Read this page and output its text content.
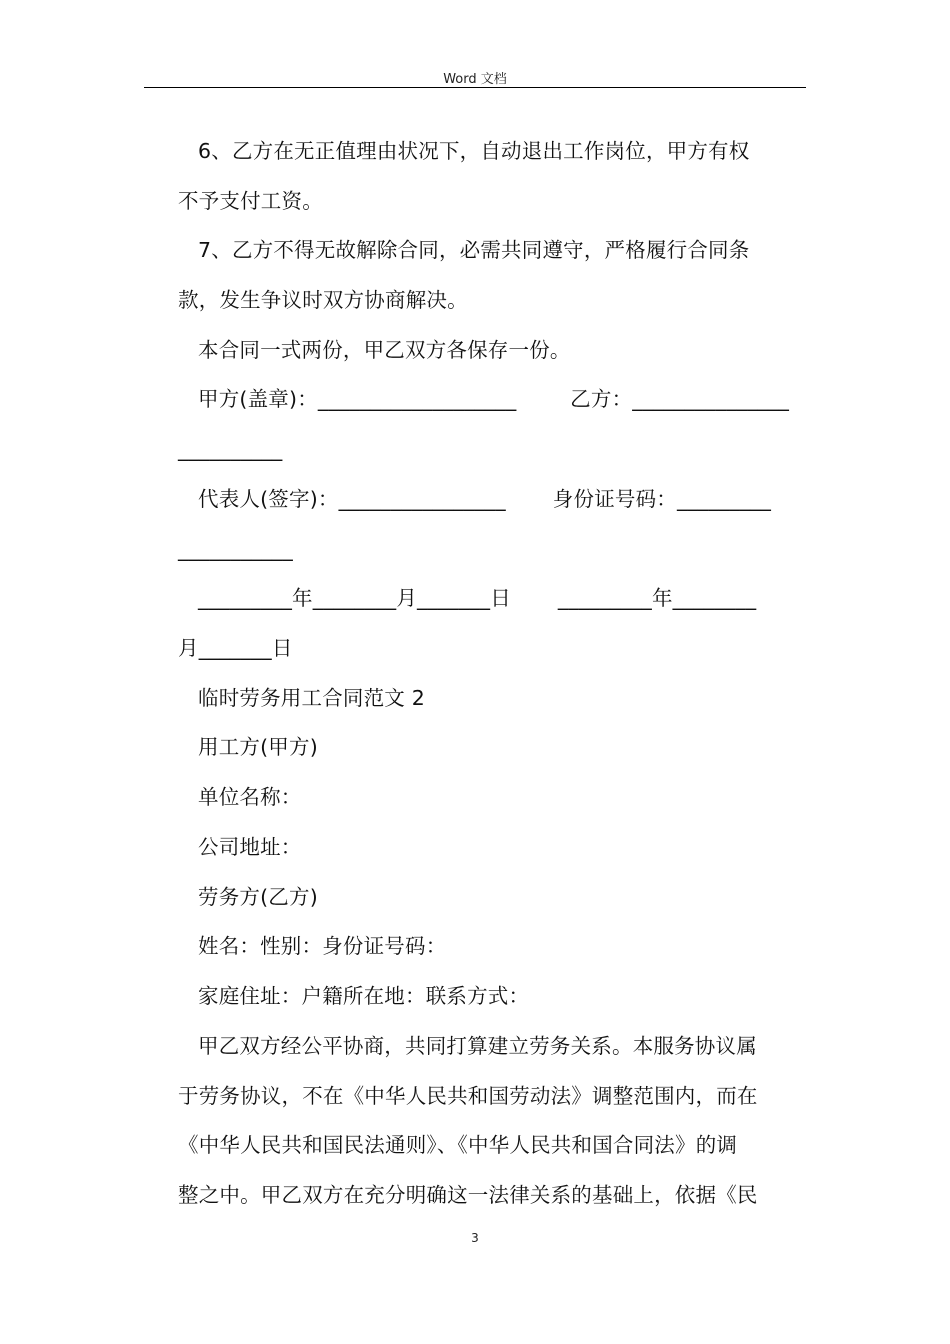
Word 文档
6、乙方在无正值理由状况下，自动退出工作岗位，甲方有权
不予支付工资。
7、乙方不得无故解除合同，必需共同遵守，严格履行合同条
款，发生争议时双方协商解决。
本合同一式两份，甲乙双方各保存一份。
甲方(盖章)：___________________        乙方：_______________
__________
代表人(签字)：________________       身份证号码：_________
___________
_________年________月_______日       _________年________
月_______日
临时劳务用工合同范文 2
用工方(甲方)
单位名称：
公司地址：
劳务方(乙方)
姓名：性别：身份证号码：
家庭住址：户籍所在地：联系方式：
甲乙双方经公平协商，共同打算建立劳务关系。本服务协议属
于劳务协议，不在《中华人民共和国劳动法》调整范围内，而在
《中华人民共和国民法通则》、《中华人民共和国合同法》的调
整之中。甲乙双方在充分明确这一法律关系的基础上，依据《民
3
